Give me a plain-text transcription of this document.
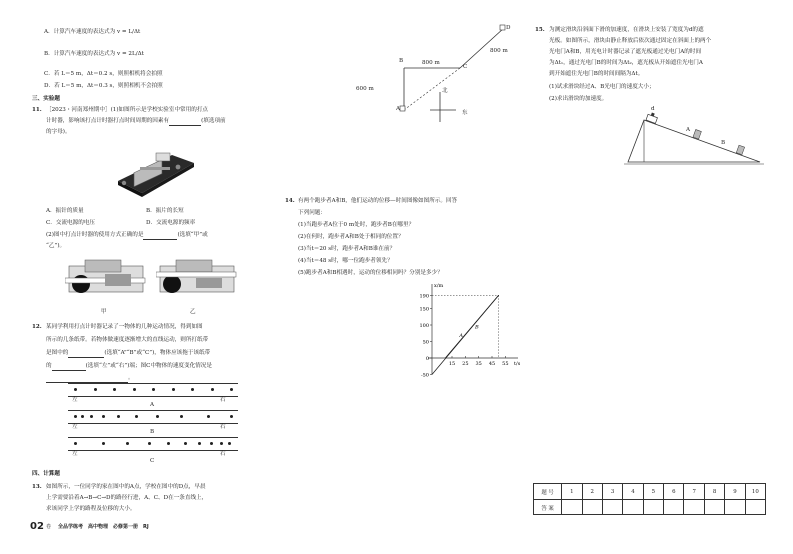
A．计算汽车速度的表达式为 v = L/Δt
B．计算汽车速度的表达式为 v = 2L/Δt
C．若 L＝5 m，Δt＝0.2 s，则照相机将会拍照
D．若 L＝5 m，Δt＝0.3 s，则照相机不会拍照
三、实验题
11. ［2023・河南郑州期中］(1)如图所示是学校实验室中常用的打点
计时器，影响该打点计时器打点时间周期的因素有	(填选项前
的字母)。
A．振针的质量	B．振片的长短
C．交流电源的电压	D．交流电源的频率
(2)图中打点计时器的使用方式正确的是	(选填“甲”或
“乙”)。
甲	乙
12. 某同学利用打点计时器记录了一物体的几种运动情况，得到如图
所示的几条纸带。若物体做速度逐渐增大的直线运动，则所打纸带
是图中的	(选填“A”“B”或“C”)，物体应该拖于该纸带
的	(选填“左”或“右”)端；图C中物体的速度变化情况是
。
左	右
A
左	右
B
左	右
C
四、计算题
13. 如图所示，一位同学的家在图中的A点，学校在图中的D点，早晨
上学需要沿着A→B→C→D的路径行进，A、C、D在一条直线上，
求该同学上学的路程及位移的大小。
02 卷 全品学练考　高中物理　必修第一册　RJ
B
C
D
A
800 m
800 m
600 m	北
东
14. 有两个跑步者A和B，他们运动的位移—时间图像如图所示。回答
下列问题：
(1)当跑步者A位于0 m处时，跑步者B在哪里？
(2)在何时，跑步者A和B处于相同的位置？
(3)当t＝20 s时，跑步者A和B谁在前？
(4)当t＝48 s时，哪一位跑步者领先？
(5)跑步者A和B相遇时，运动的位移相同吗？分别是多少？
-50
0
50
100
150
190
15 25 35 45 55
A
B
x/m
t/s
15. 为测定滑块沿斜面下滑的加速度，在滑块上安装了宽度为d的遮
光板。如图所示，滑块由静止释放后依次通过固定在斜面上的两个
光电门A和B，用光电计时器记录了遮光板通过光电门A的时间
为Δt₁，通过光电门B的时间为Δt₂，遮光板从开始遮住光电门A
到开始遮住光电门B的时间间隔为Δt。
(1)试求滑块经过A、B光电门的速度大小；
(2)求出滑块的加速度。
d
A
B
题 号	1	2	3	4	5	6	7	8	9	10
答 案
